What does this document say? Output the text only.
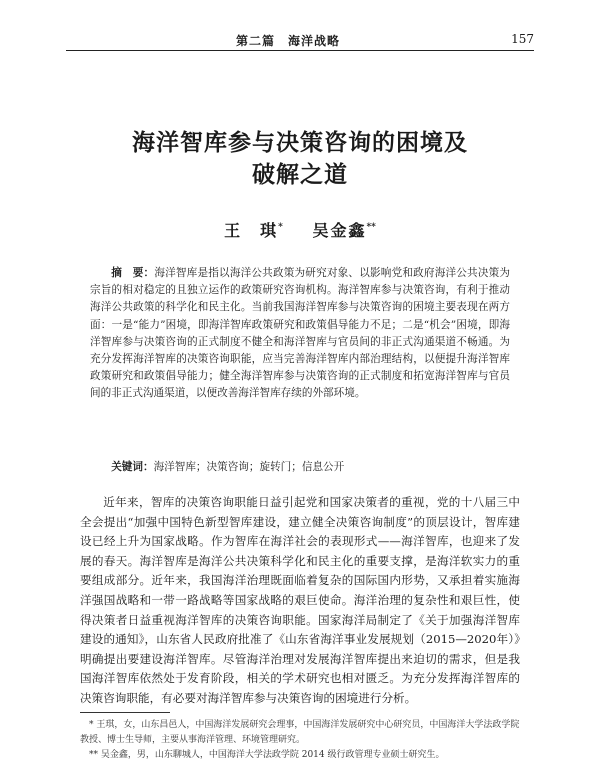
第二篇　海洋战略	157
海洋智库参与决策咨询的困境及
破解之道
王　琪* 吴金鑫**
摘　要：海洋智库是指以海洋公共政策为研究对象、以影响党和政府海洋公共决策为宗旨的相对稳定的且独立运作的政策研究咨询机构。海洋智库参与决策咨询，有利于推动海洋公共政策的科学化和民主化。当前我国海洋智库参与决策咨询的困境主要表现在两方面：一是“能力”困境，即海洋智库政策研究和政策倡导能力不足；二是“机会”困境，即海洋智库参与决策咨询的正式制度不健全和海洋智库与官员间的非正式沟通渠道不畅通。为充分发挥海洋智库的决策咨询职能，应当完善海洋智库内部治理结构，以便提升海洋智库政策研究和政策倡导能力；健全海洋智库参与决策咨询的正式制度和拓宽海洋智库与官员间的非正式沟通渠道，以便改善海洋智库存续的外部环境。
关键词：海洋智库；决策咨询；旋转门；信息公开
近年来，智库的决策咨询职能日益引起党和国家决策者的重视，党的十八届三中全会提出“加强中国特色新型智库建设，建立健全决策咨询制度”的顶层设计，智库建设已经上升为国家战略。作为智库在海洋社会的表现形式——海洋智库，也迎来了发展的春天。海洋智库是海洋公共决策科学化和民主化的重要支撑，是海洋软实力的重要组成部分。近年来，我国海洋治理既面临着复杂的国际国内形势，又承担着实施海洋强国战略和一带一路战略等国家战略的艰巨使命。海洋治理的复杂性和艰巨性，使得决策者日益重视海洋智库的决策咨询职能。国家海洋局制定了《关于加强海洋智库建设的通知》，山东省人民政府批准了《山东省海洋事业发展规划（2015—2020年）》明确提出要建设海洋智库。尽管海洋治理对发展海洋智库提出来迫切的需求，但是我国海洋智库依然处于发育阶段，相关的学术研究也相对匮乏。为充分发挥海洋智库的决策咨询职能，有必要对海洋智库参与决策咨询的困境进行分析。

* 王琪，女，山东昌邑人，中国海洋发展研究会理事，中国海洋发展研究中心研究员，中国海洋大学法政学院教授、博士生导师，主要从事海洋管理、环境管理研究。

** 吴金鑫，男，山东聊城人，中国海洋大学法政学院 2014 级行政管理专业硕士研究生。
